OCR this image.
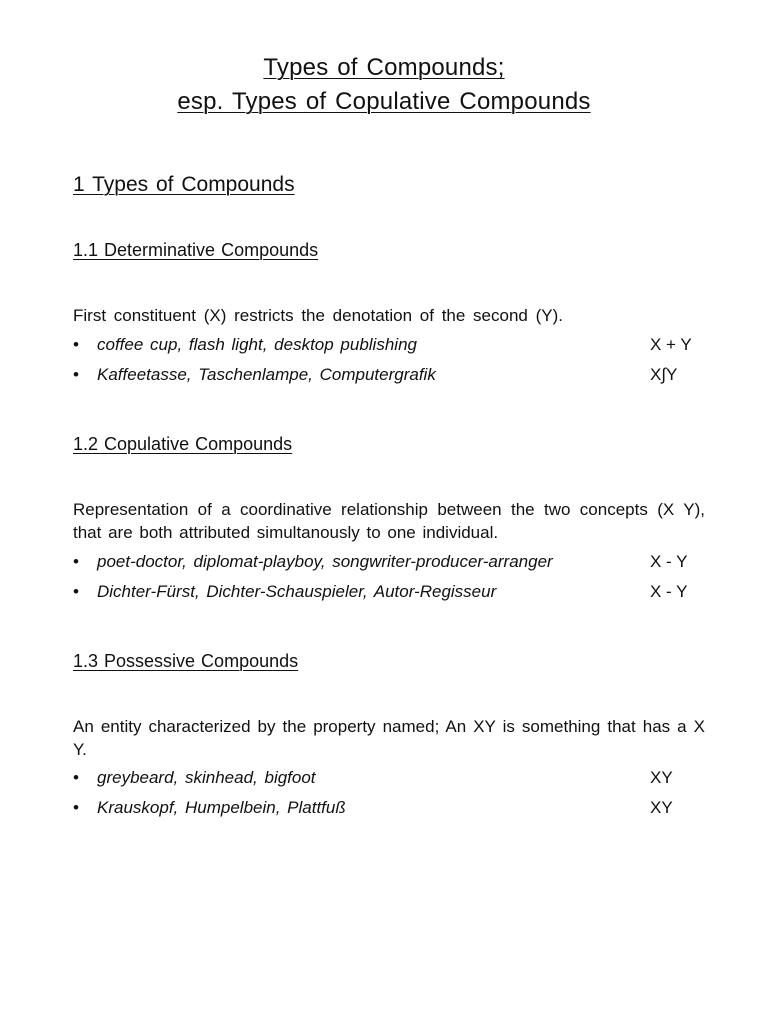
Types of Compounds;
esp. Types of Copulative Compounds
1 Types of Compounds
1.1 Determinative Compounds
First constituent (X) restricts the denotation of the second (Y).
• coffee cup, flash light, desktop publishing	X + Y
• Kaffeetasse, Taschenlampe, Computergrafik	X∫Y
1.2 Copulative Compounds
Representation of a coordinative relationship between the two concepts (X Y), that are both attributed simultanously to one individual.
• poet-doctor, diplomat-playboy, songwriter-producer-arranger	X - Y
• Dichter-Fürst, Dichter-Schauspieler, Autor-Regisseur	X - Y
1.3 Possessive Compounds
An entity characterized by the property named; An XY is something that has a X Y.
• greybeard, skinhead, bigfoot	XY
• Krauskopf, Humpelbein, Plattfuß	XY
